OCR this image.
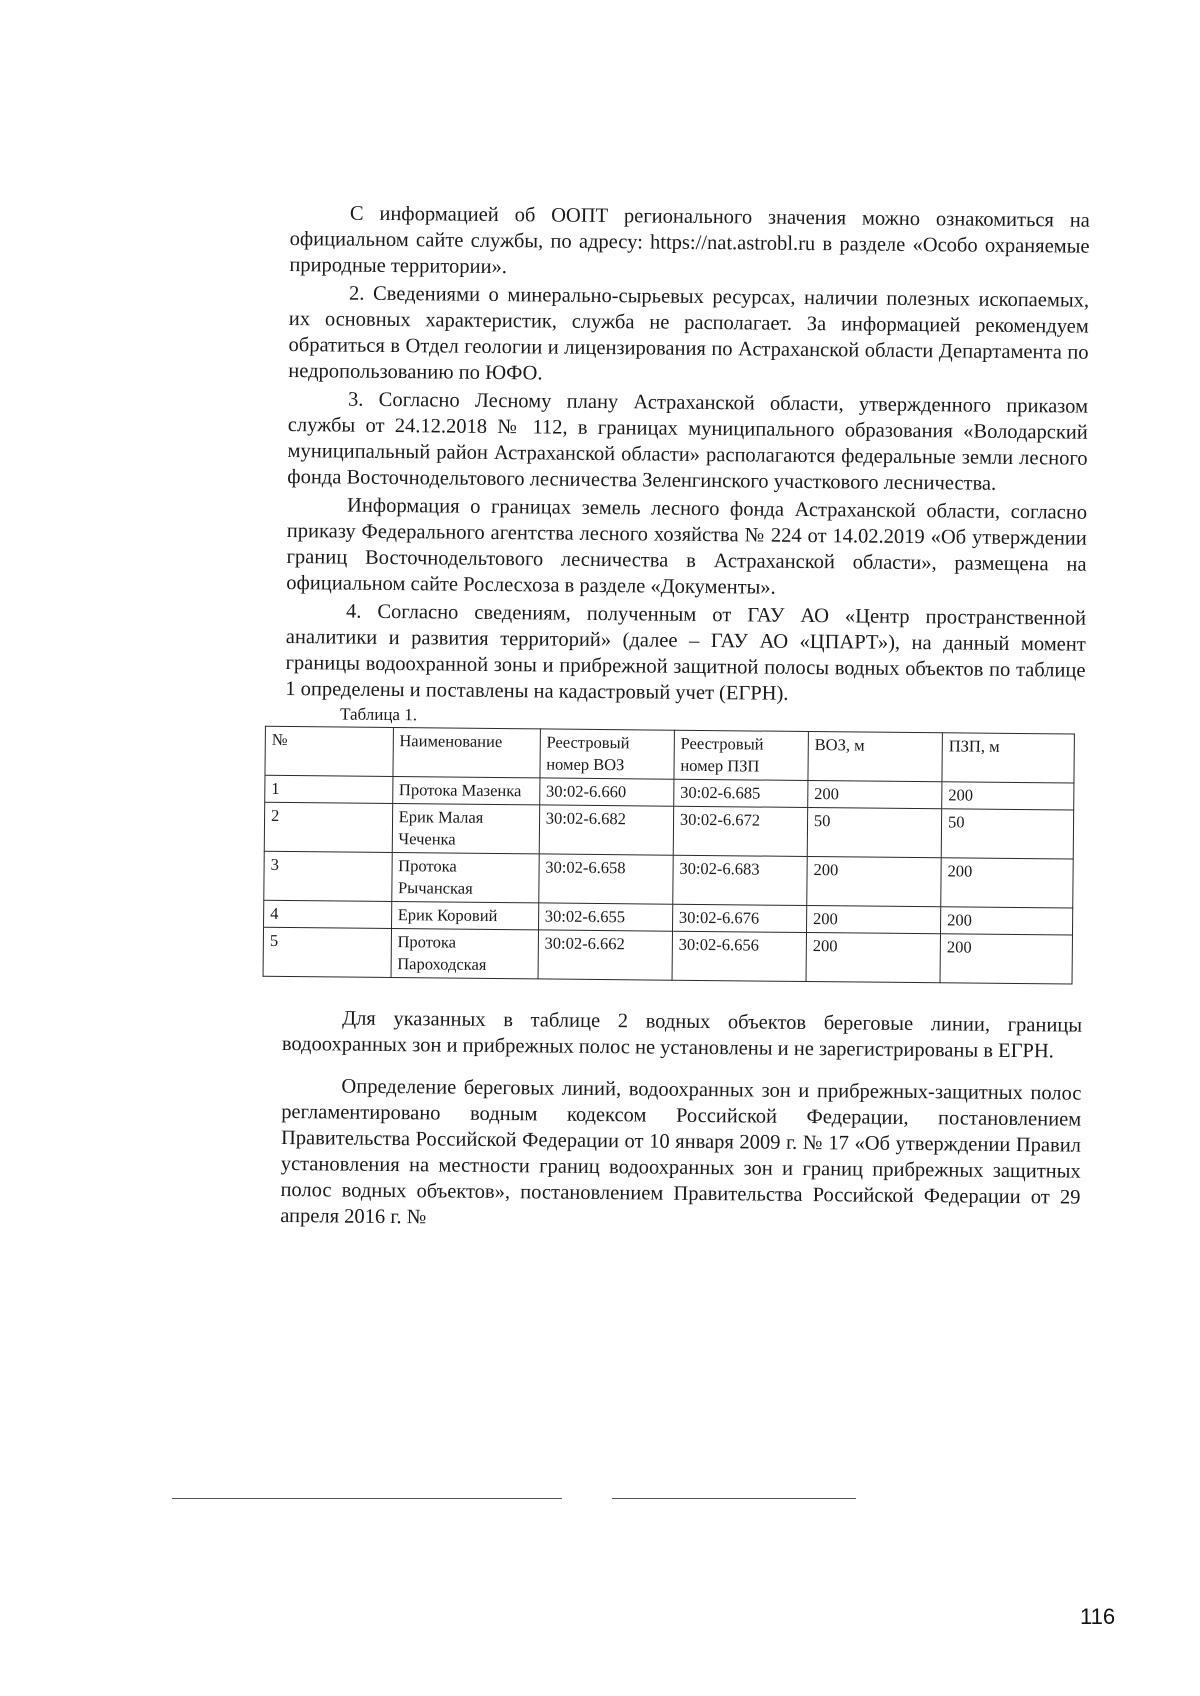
С информацией об ООПТ регионального значения можно ознакомиться на официальном сайте службы, по адресу: https://nat.astrobl.ru в разделе «Особо охраняемые природные территории».

2. Сведениями о минерально-сырьевых ресурсах, наличии полезных ископаемых, их основных характеристик, служба не располагает. За информацией рекомендуем обратиться в Отдел геологии и лицензирования по Астраханской области Департамента по недропользованию по ЮФО.

3. Согласно Лесному плану Астраханской области, утвержденного приказом службы от 24.12.2018 № 112, в границах муниципального образования «Володарский муниципальный район Астраханской области» располагаются федеральные земли лесного фонда Восточнодельтового лесничества Зеленгинского участкового лесничества.

Информация о границах земель лесного фонда Астраханской области, согласно приказу Федерального агентства лесного хозяйства № 224 от 14.02.2019 «Об утверждении границ Восточнодельтового лесничества в Астраханской области», размещена на официальном сайте Рослесхоза в разделе «Документы».

4. Согласно сведениям, полученным от ГАУ АО «Центр пространственной аналитики и развития территорий» (далее – ГАУ АО «ЦПАРТ»), на данный момент границы водоохранной зоны и прибрежной защитной полосы водных объектов по таблице 1 определены и поставлены на кадастровый учет (ЕГРН).

Таблица 1.
№	Наименование	Реестровый номер ВОЗ	Реестровый номер ПЗП	ВОЗ, м	ПЗП, м
1	Протока Мазенка	30:02-6.660	30:02-6.685	200	200
2	Ерик Малая Чеченка	30:02-6.682	30:02-6.672	50	50
3	Протока Рычанская	30:02-6.658	30:02-6.683	200	200
4	Ерик Коровий	30:02-6.655	30:02-6.676	200	200
5	Протока Пароходская	30:02-6.662	30:02-6.656	200	200

Для указанных в таблице 2 водных объектов береговые линии, границы водоохранных зон и прибрежных полос не установлены и не зарегистрированы в ЕГРН.

Определение береговых линий, водоохранных зон и прибрежных-защитных полос регламентировано водным кодексом Российской Федерации, постановлением Правительства Российской Федерации от 10 января 2009 г. № 17 «Об утверждении Правил установления на местности границ водоохранных зон и границ прибрежных защитных полос водных объектов», постановлением Правительства Российской Федерации от 29 апреля 2016 г. №

116
